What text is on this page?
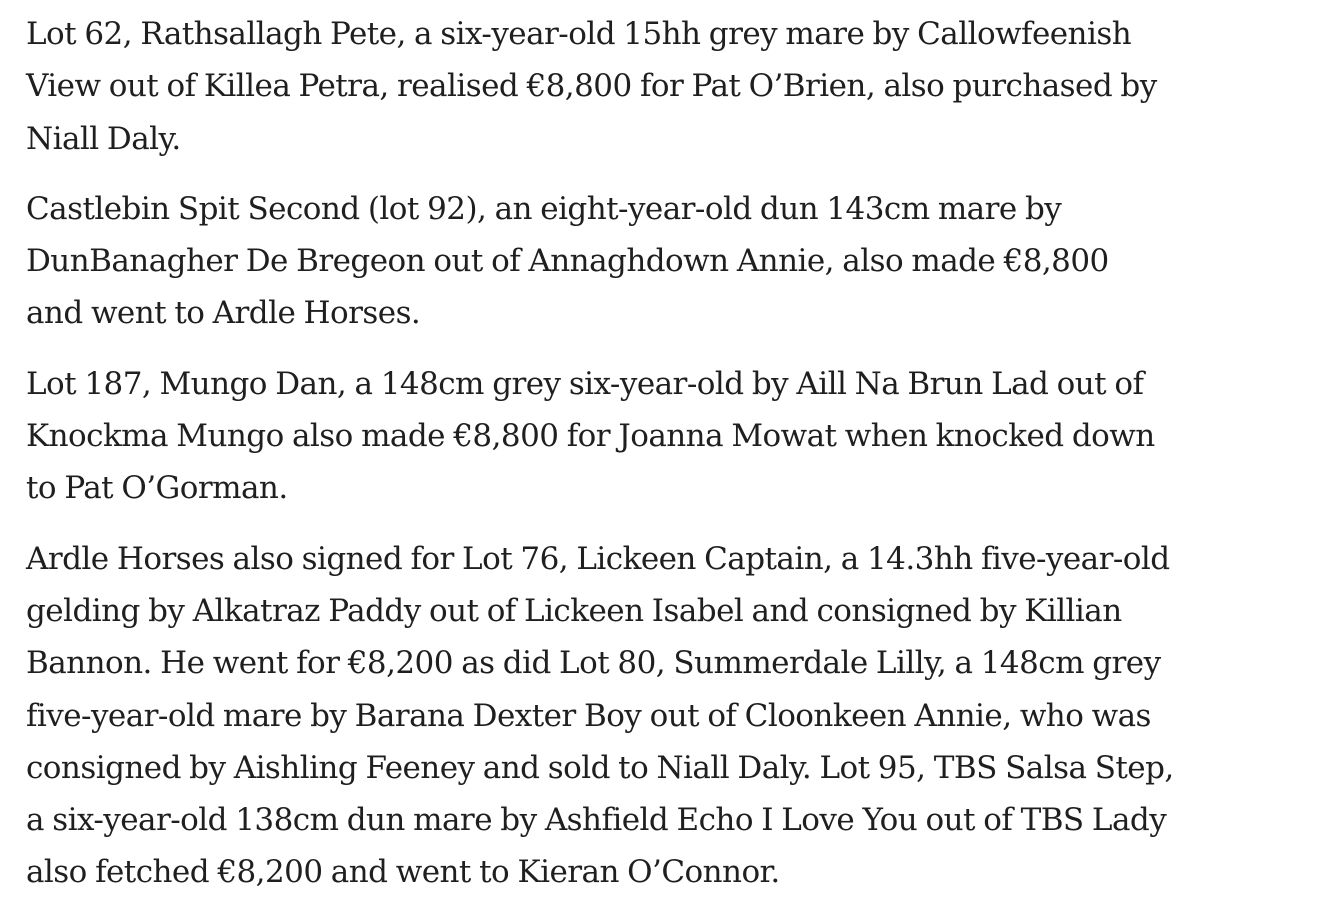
Lot 62, Rathsallagh Pete, a six-year-old 15hh grey mare by Callowfeenish
View out of Killea Petra, realised €8,800 for Pat O’Brien, also purchased by
Niall Daly.

Castlebin Spit Second (lot 92), an eight-year-old dun 143cm mare by
DunBanagher De Bregeon out of Annaghdown Annie, also made €8,800
and went to Ardle Horses.

Lot 187, Mungo Dan, a 148cm grey six-year-old by Aill Na Brun Lad out of
Knockma Mungo also made €8,800 for Joanna Mowat when knocked down
to Pat O’Gorman.

Ardle Horses also signed for Lot 76, Lickeen Captain, a 14.3hh five-year-old
gelding by Alkatraz Paddy out of Lickeen Isabel and consigned by Killian
Bannon. He went for €8,200 as did Lot 80, Summerdale Lilly, a 148cm grey
five-year-old mare by Barana Dexter Boy out of Cloonkeen Annie, who was
consigned by Aishling Feeney and sold to Niall Daly. Lot 95, TBS Salsa Step,
a six-year-old 138cm dun mare by Ashfield Echo I Love You out of TBS Lady
also fetched €8,200 and went to Kieran O’Connor.
